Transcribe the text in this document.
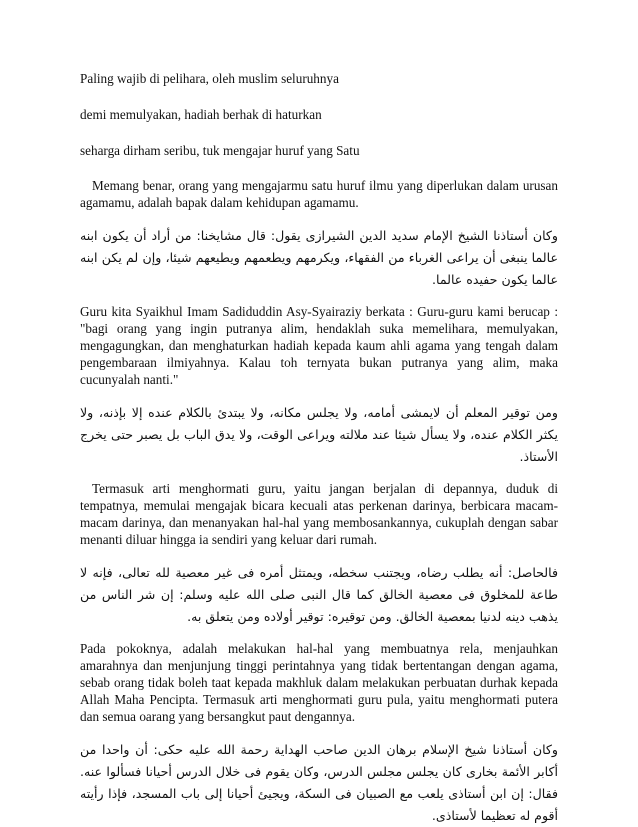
Paling wajib di pelihara, oleh muslim seluruhnya

demi memulyakan, hadiah berhak di haturkan

seharga dirham seribu, tuk mengajar huruf yang Satu

Memang benar, orang yang mengajarmu satu huruf ilmu yang diperlukan dalam urusan agamamu, adalah bapak dalam kehidupan agamamu.

وكان أستاذنا الشيخ الإمام سديد الدين الشيرازى يقول: قال مشايخنا: من أراد أن يكون ابنه عالما ينبغى أن يراعى الغرباء من الفقهاء، ويكرمهم ويطعمهم ويطيعهم شيئا، وإن لم يكن ابنه عالما يكون حفيده عالما.

Guru kita Syaikhul Imam Sadiduddin Asy-Syairaziy berkata : Guru-guru kami berucap : "bagi orang yang ingin putranya alim, hendaklah suka memelihara, memulyakan, mengagungkan, dan menghaturkan hadiah kepada kaum ahli agama yang tengah dalam pengembaraan ilmiyahnya. Kalau toh ternyata bukan putranya yang alim, maka cucunyalah nanti."

ومن توقير المعلم أن لايمشى أمامه، ولا يجلس مكانه، ولا يبتدئ بالكلام عنده إلا بإذنه، ولا يكثر الكلام عنده، ولا يسأل شيئا عند ملالته ويراعى الوقت، ولا يدق الباب بل يصبر حتى يخرج الأستاذ.

Termasuk arti menghormati guru, yaitu jangan berjalan di depannya, duduk di tempatnya, memulai mengajak bicara kecuali atas perkenan darinya, berbicara macam-macam darinya, dan menanyakan hal-hal yang membosankannya, cukuplah dengan sabar menanti diluar hingga ia sendiri yang keluar dari rumah.

فالحاصل: أنه يطلب رضاه، ويجتنب سخطه، ويمتثل أمره فى غير معصية لله تعالى، فإنه لا طاعة للمخلوق فى معصية الخالق كما قال النبى صلى الله عليه وسلم: إن شر الناس من يذهب دينه لدنيا بمعصية الخالق. ومن توقيره: توقير أولاده ومن يتعلق به.

Pada pokoknya, adalah melakukan hal-hal yang membuatnya rela, menjauhkan amarahnya dan menjunjung tinggi perintahnya yang tidak bertentangan dengan agama, sebab orang tidak boleh taat kepada makhluk dalam melakukan perbuatan durhak kepada Allah Maha Pencipta. Termasuk arti menghormati guru pula, yaitu menghormati putera dan semua oarang yang bersangkut paut dengannya.

وكان أستاذنا شيخ الإسلام برهان الدين صاحب الهداية رحمة الله عليه حكى: أن واحدا من أكابر الأئمة بخارى كان يجلس مجلس الدرس، وكان يقوم فى خلال الدرس أحيانا فسألوا عنه. فقال: إن ابن أستاذى يلعب مع الصبيان فى السكة، ويجيئ أحيانا إلى باب المسجد، فإذا رأيته أقوم له تعظيما لأستاذى.
